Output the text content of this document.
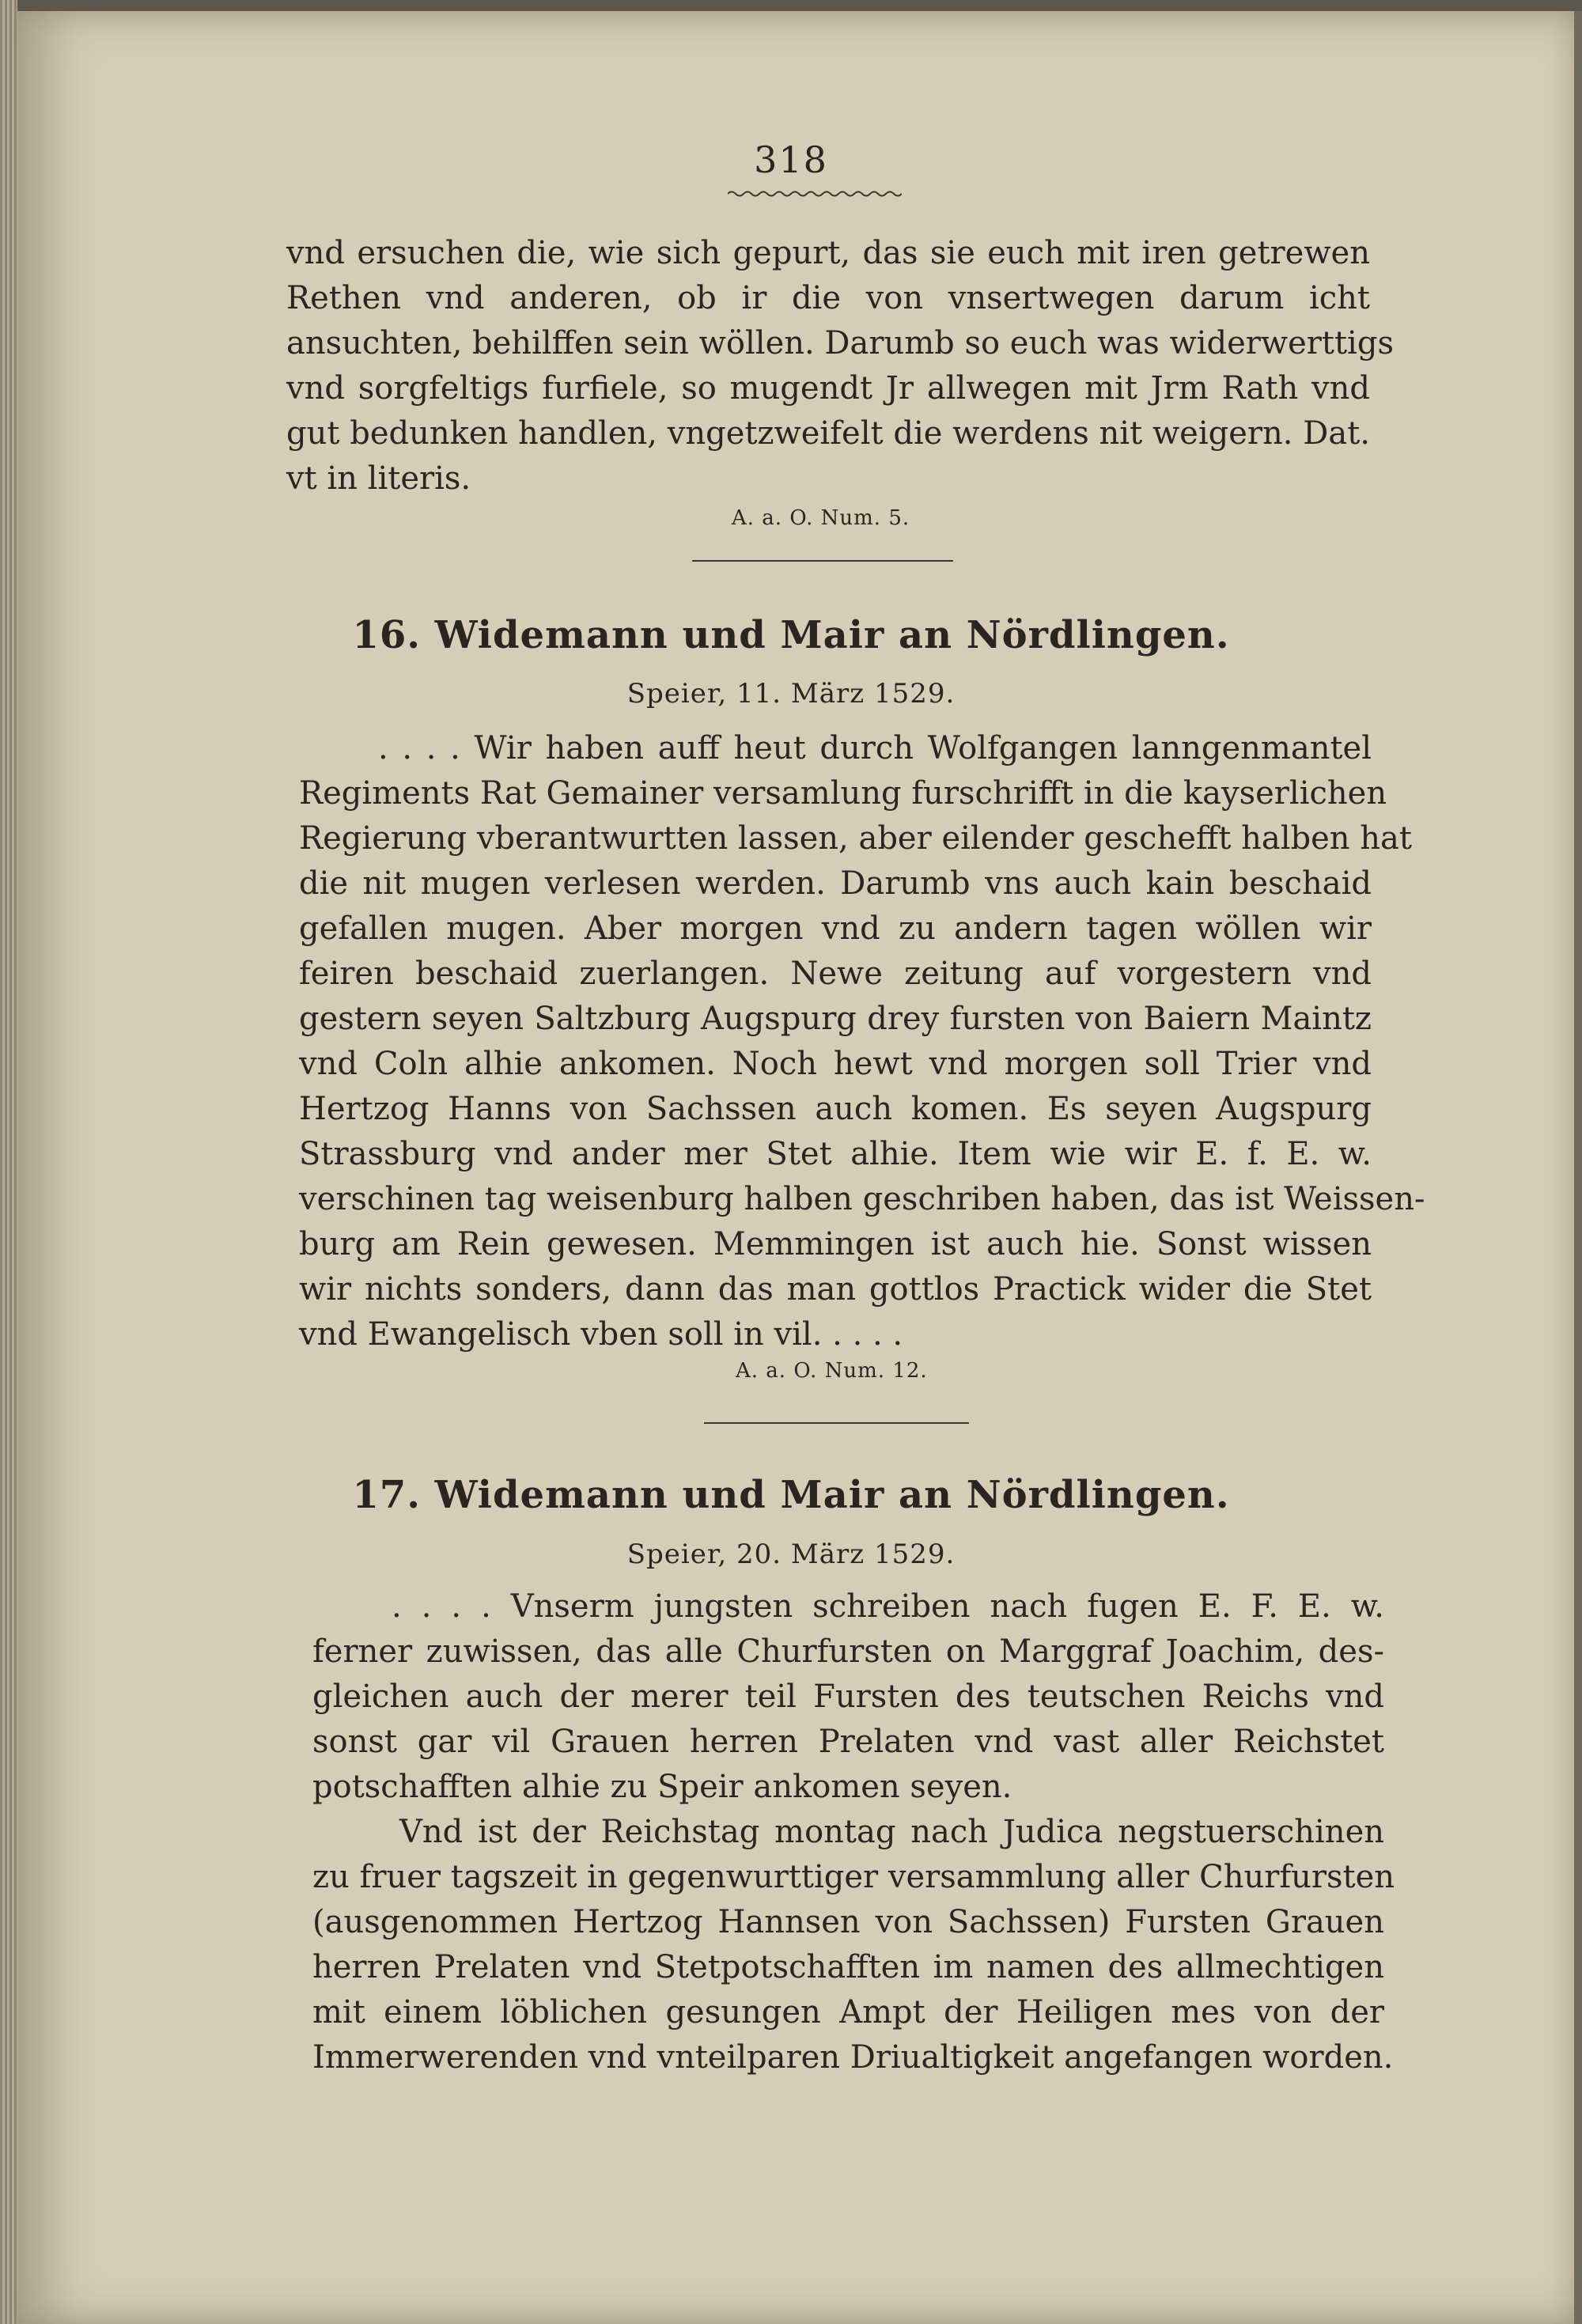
318
vnd ersuchen die, wie sich gepurt, das sie euch mit iren getrewen
Rethen vnd anderen, ob ir die von vnsertwegen darum icht
ansuchten, behilffen sein wöllen. Darumb so euch was widerwerttigs
vnd sorgfeltigs furfiele, so mugendt Jr allwegen mit Jrm Rath vnd
gut bedunken handlen, vngetzweifelt die werdens nit weigern. Dat.
vt in literis.
A. a. O. Num. 5.
16. Widemann und Mair an Nördlingen.
Speier, 11. März 1529.
. . . . Wir haben auff heut durch Wolfgangen lanngenmantel
Regiments Rat Gemainer versamlung furschrifft in die kayserlichen
Regierung vberantwurtten lassen, aber eilender geschefft halben hat
die nit mugen verlesen werden. Darumb vns auch kain beschaid
gefallen mugen. Aber morgen vnd zu andern tagen wöllen wir
feiren beschaid zuerlangen. Newe zeitung auf vorgestern vnd
gestern seyen Saltzburg Augspurg drey fursten von Baiern Maintz
vnd Coln alhie ankomen. Noch hewt vnd morgen soll Trier vnd
Hertzog Hanns von Sachssen auch komen. Es seyen Augspurg
Strassburg vnd ander mer Stet alhie. Item wie wir E. f. E. w.
verschinen tag weisenburg halben geschriben haben, das ist Weissen-
burg am Rein gewesen. Memmingen ist auch hie. Sonst wissen
wir nichts sonders, dann das man gottlos Practick wider die Stet
vnd Ewangelisch vben soll in vil. . . . .
A. a. O. Num. 12.
17. Widemann und Mair an Nördlingen.
Speier, 20. März 1529.
. . . . Vnserm jungsten schreiben nach fugen E. F. E. w.
ferner zuwissen, das alle Churfursten on Marggraf Joachim, des-
gleichen auch der merer teil Fursten des teutschen Reichs vnd
sonst gar vil Grauen herren Prelaten vnd vast aller Reichstet
potschafften alhie zu Speir ankomen seyen.
Vnd ist der Reichstag montag nach Judica negstuerschinen
zu fruer tagszeit in gegenwurttiger versammlung aller Churfursten
(ausgenommen Hertzog Hannsen von Sachssen) Fursten Grauen
herren Prelaten vnd Stetpotschafften im namen des allmechtigen
mit einem löblichen gesungen Ampt der Heiligen mes von der
Immerwerenden vnd vnteilparen Driualtigkeit angefangen worden.
